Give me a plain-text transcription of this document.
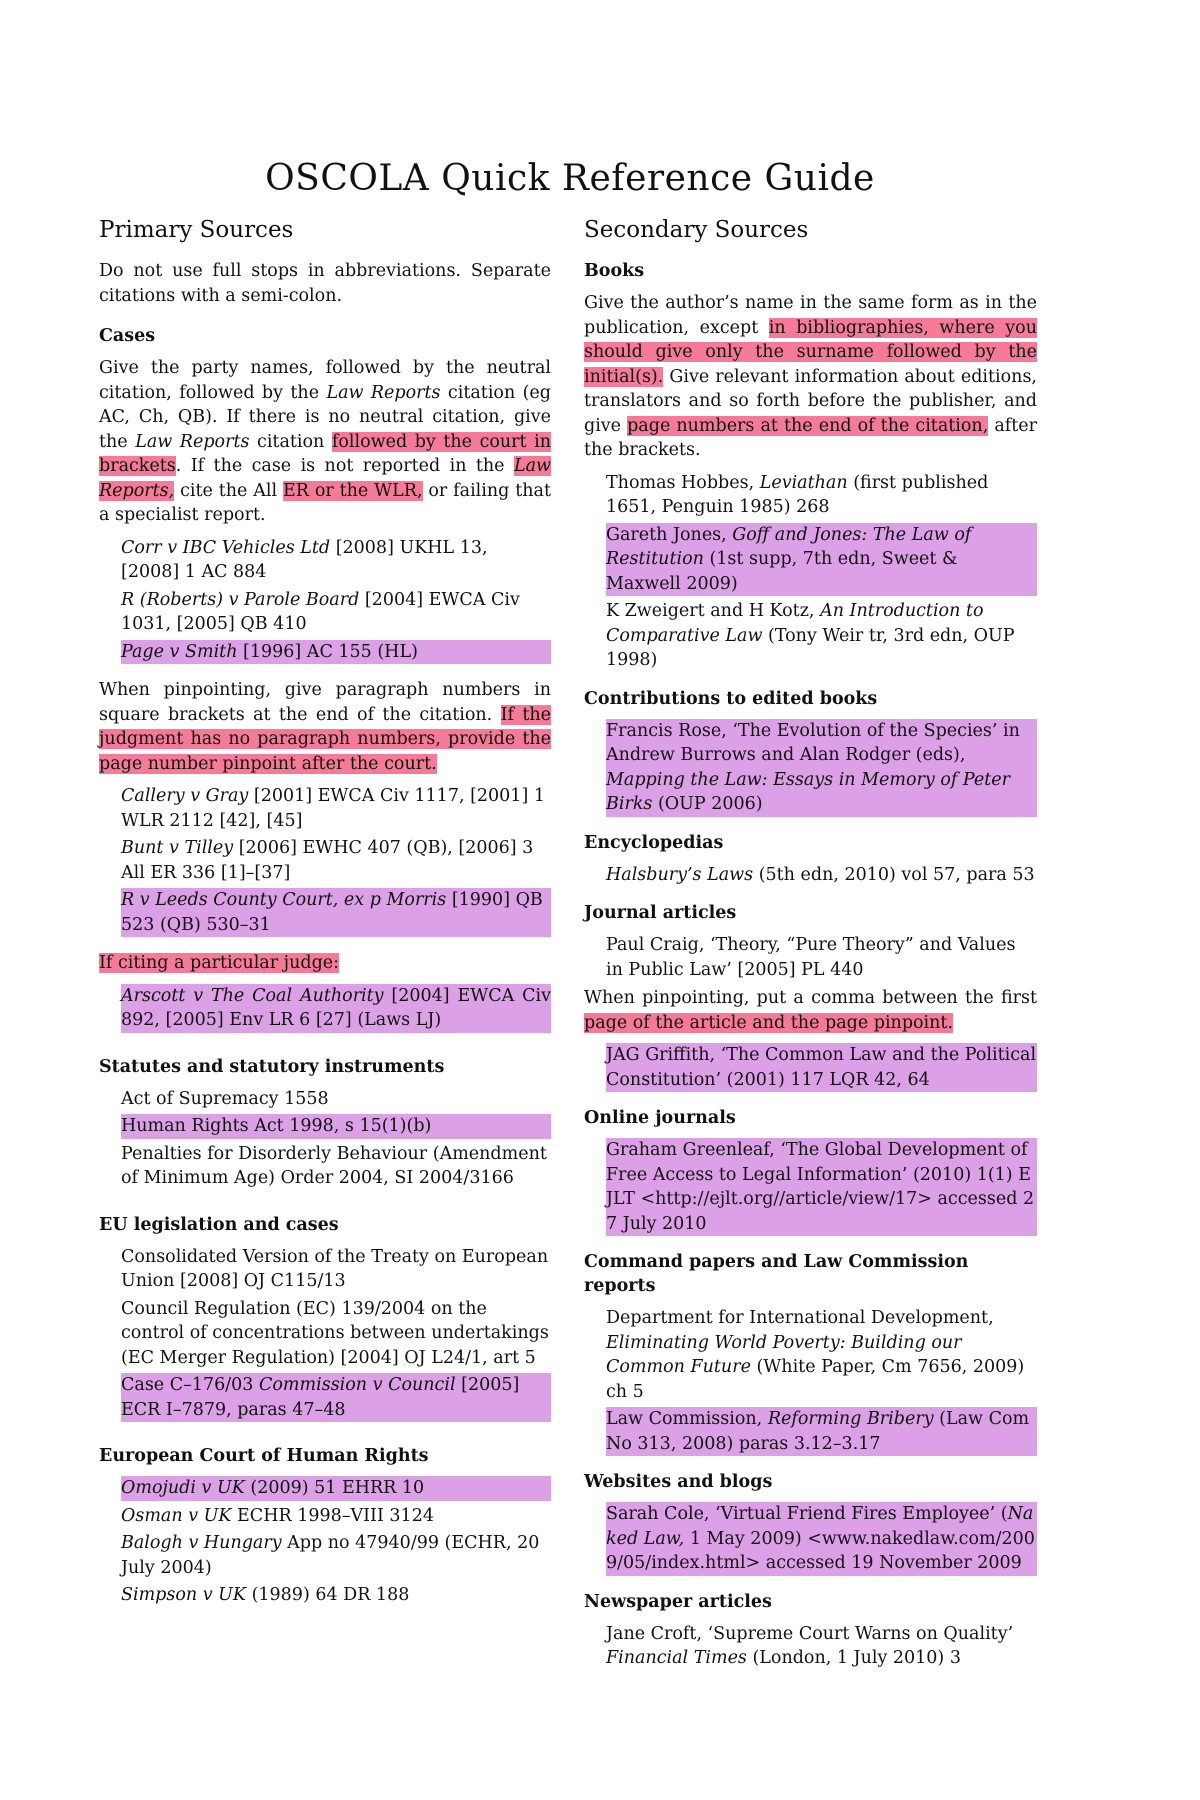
OSCOLA Quick Reference Guide
Primary Sources

Do not use full stops in abbreviations. Separate citations with a semi-colon.

Cases

Give the party names, followed by the neutral citation, followed by the Law Reports citation (eg AC, Ch, QB). If there is no neutral citation, give the Law Reports citation followed by the court in brackets. If the case is not reported in the Law Reports, cite the All ER or the WLR, or failing that a specialist report.

Corr v IBC Vehicles Ltd [2008] UKHL 13, [2008] 1 AC 884
R (Roberts) v Parole Board [2004] EWCA Civ 1031, [2005] QB 410
Page v Smith [1996] AC 155 (HL)

When pinpointing, give paragraph numbers in square brackets at the end of the citation. If the judgment has no paragraph numbers, provide the page number pinpoint after the court.

Callery v Gray [2001] EWCA Civ 1117, [2001] 1 WLR 2112 [42], [45]
Bunt v Tilley [2006] EWHC 407 (QB), [2006] 3 All ER 336 [1]–[37]
R v Leeds County Court, ex p Morris [1990] QB 523 (QB) 530–31

If citing a particular judge:

Arscott v The Coal Authority [2004] EWCA Civ 892, [2005] Env LR 6 [27] (Laws LJ)
Statutes and statutory instruments
Act of Supremacy 1558
Human Rights Act 1998, s 15(1)(b)
Penalties for Disorderly Behaviour (Amendment of Minimum Age) Order 2004, SI 2004/3166
EU legislation and cases
Consolidated Version of the Treaty on European Union [2008] OJ C115/13
Council Regulation (EC) 139/2004 on the control of concentrations between undertakings (EC Merger Regulation) [2004] OJ L24/1, art 5
Case C–176/03 Commission v Council [2005] ECR I–7879, paras 47–48
European Court of Human Rights
Omojudi v UK (2009) 51 EHRR 10
Osman v UK ECHR 1998–VIII 3124
Balogh v Hungary App no 47940/99 (ECHR, 20 July 2004)
Simpson v UK (1989) 64 DR 188
Secondary Sources
Books

Give the author’s name in the same form as in the publication, except in bibliographies, where you should give only the surname followed by the initial(s). Give relevant information about editions, translators and so forth before the publisher, and give page numbers at the end of the citation, after the brackets.

Thomas Hobbes, Leviathan (first published 1651, Penguin 1985) 268
Gareth Jones, Goff and Jones: The Law of Restitution (1st supp, 7th edn, Sweet & Maxwell 2009)
K Zweigert and H Kotz, An Introduction to Comparative Law (Tony Weir tr, 3rd edn, OUP 1998)
Contributions to edited books
Francis Rose, ‘The Evolution of the Species’ in Andrew Burrows and Alan Rodger (eds), Mapping the Law: Essays in Memory of Peter Birks (OUP 2006)
Encyclopedias
Halsbury’s Laws (5th edn, 2010) vol 57, para 53
Journal articles
Paul Craig, ‘Theory, “Pure Theory” and Values in Public Law’ [2005] PL 440

When pinpointing, put a comma between the first page of the article and the page pinpoint.

JAG Griffith, ‘The Common Law and the Political Constitution’ (2001) 117 LQR 42, 64
Online journals
Graham Greenleaf, ‘The Global Development of Free Access to Legal Information’ (2010) 1(1) EJLT <http://ejlt.org//article/view/17> accessed 27 July 2010
Command papers and Law Commission reports
Department for International Development, Eliminating World Poverty: Building our Common Future (White Paper, Cm 7656, 2009) ch 5
Law Commission, Reforming Bribery (Law Com No 313, 2008) paras 3.12–3.17
Websites and blogs
Sarah Cole, ‘Virtual Friend Fires Employee’ (Naked Law, 1 May 2009) <www.nakedlaw.com/2009/05/index.html> accessed 19 November 2009
Newspaper articles
Jane Croft, ‘Supreme Court Warns on Quality’ Financial Times (London, 1 July 2010) 3
